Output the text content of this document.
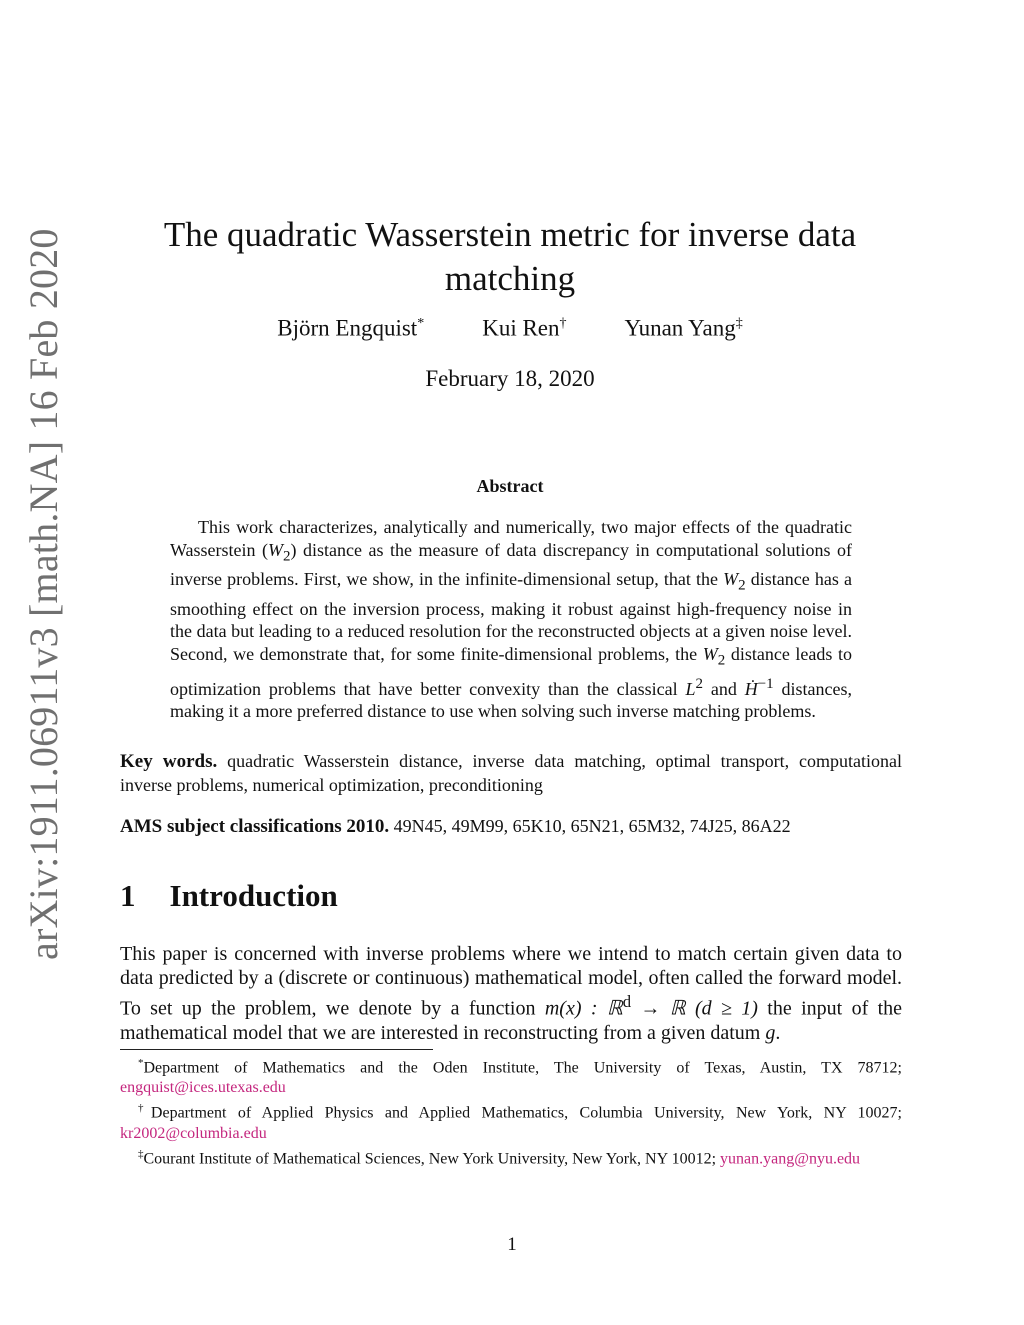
arXiv:1911.06911v3 [math.NA] 16 Feb 2020	The quadratic Wasserstein metric for inverse data matching
Björn Engquist*	Kui Ren†	Yunan Yang‡
February 18, 2020
Abstract

This work characterizes, analytically and numerically, two major effects of the quadratic Wasserstein $(W_2)$ distance as the measure of data discrepancy in computational solutions of inverse problems. First, we show, in the infinite-dimensional setup, that the $W_2$ distance has a smoothing effect on the inversion process, making it robust against high-frequency noise in the data but leading to a reduced resolution for the reconstructed objects at a given noise level. Second, we demonstrate that, for some finite-dimensional problems, the $W_2$ distance leads to optimization problems that have better convexity than the classical $L^2$ and Ḣ$^{-1}$ distances, making it a more preferred distance to use when solving such inverse matching problems.

Key words. quadratic Wasserstein distance, inverse data matching, optimal transport, computational inverse problems, numerical optimization, preconditioning

AMS subject classifications 2010. 49N45, 49M99, 65K10, 65N21, 65M32, 74J25, 86A22

1 Introduction

This paper is concerned with inverse problems where we intend to match certain given data to data predicted by a (discrete or continuous) mathematical model, often called the forward model. To set up the problem, we denote by a function m(x) : ℝ$^d$ → ℝ (d ≥ 1) the input of the mathematical model that we are interested in reconstructing from a given datum g.

*Department of Mathematics and the Oden Institute, The University of Texas, Austin, TX 78712; engquist@ices.utexas.edu

†Department of Applied Physics and Applied Mathematics, Columbia University, New York, NY 10027; kr2002@columbia.edu

‡Courant Institute of Mathematical Sciences, New York University, New York, NY 10012; yunan.yang@nyu.edu

1
